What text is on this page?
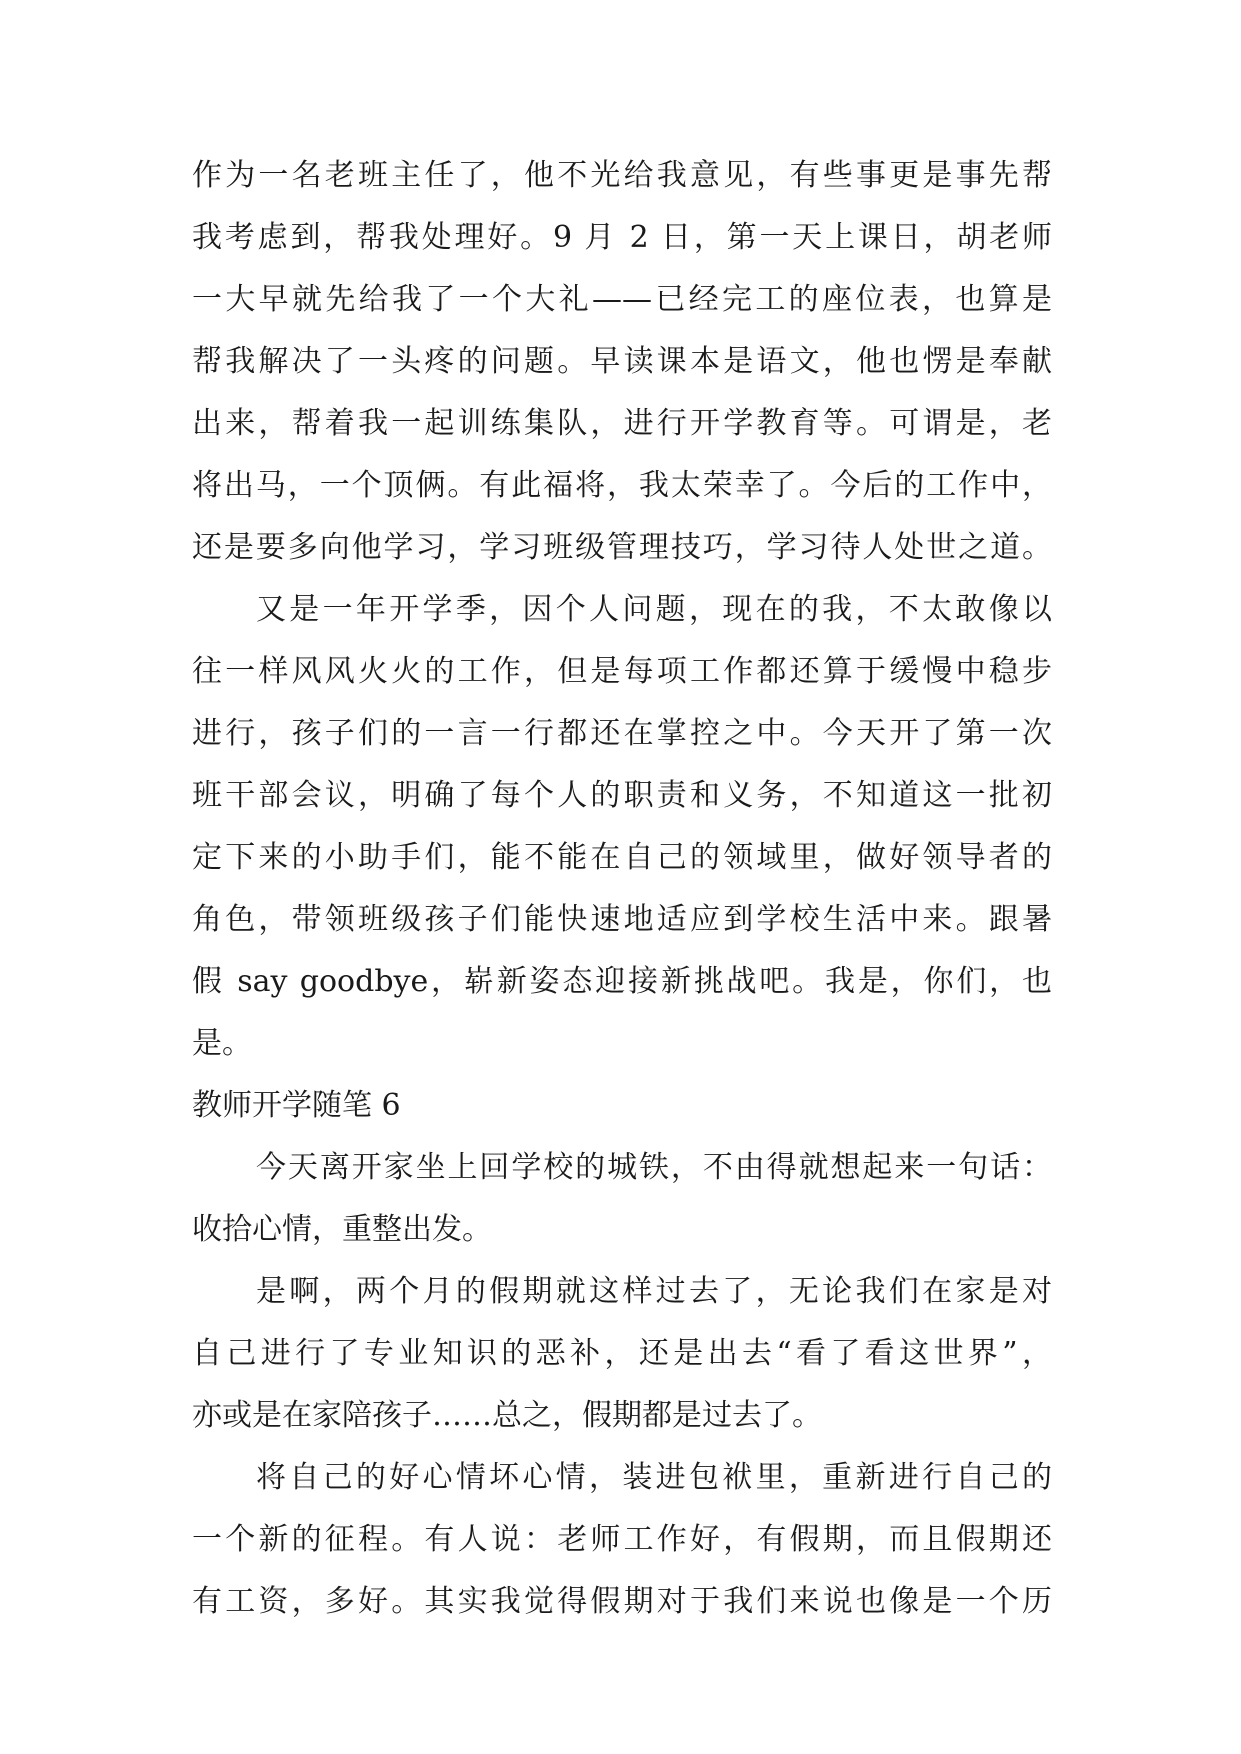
作为一名老班主任了，他不光给我意见，有些事更是事先帮
我考虑到，帮我处理好。9 月 2 日，第一天上课日，胡老师
一大早就先给我了一个大礼——已经完工的座位表，也算是
帮我解决了一头疼的问题。早读课本是语文，他也愣是奉献
出来，帮着我一起训练集队，进行开学教育等。可谓是，老
将出马，一个顶俩。有此福将，我太荣幸了。今后的工作中，
还是要多向他学习，学习班级管理技巧，学习待人处世之道。
又是一年开学季，因个人问题，现在的我，不太敢像以
往一样风风火火的工作，但是每项工作都还算于缓慢中稳步
进行，孩子们的一言一行都还在掌控之中。今天开了第一次
班干部会议，明确了每个人的职责和义务，不知道这一批初
定下来的小助手们，能不能在自己的领域里，做好领导者的
角色，带领班级孩子们能快速地适应到学校生活中来。跟暑
假 say goodbye，崭新姿态迎接新挑战吧。我是，你们，也
是。
教师开学随笔 6
今天离开家坐上回学校的城铁，不由得就想起来一句话：
收拾心情，重整出发。
是啊，两个月的假期就这样过去了，无论我们在家是对
自己进行了专业知识的恶补，还是出去“看了看这世界”，
亦或是在家陪孩子……总之，假期都是过去了。
将自己的好心情坏心情，装进包袱里，重新进行自己的
一个新的征程。有人说：老师工作好，有假期，而且假期还
有工资，多好。其实我觉得假期对于我们来说也像是一个历
